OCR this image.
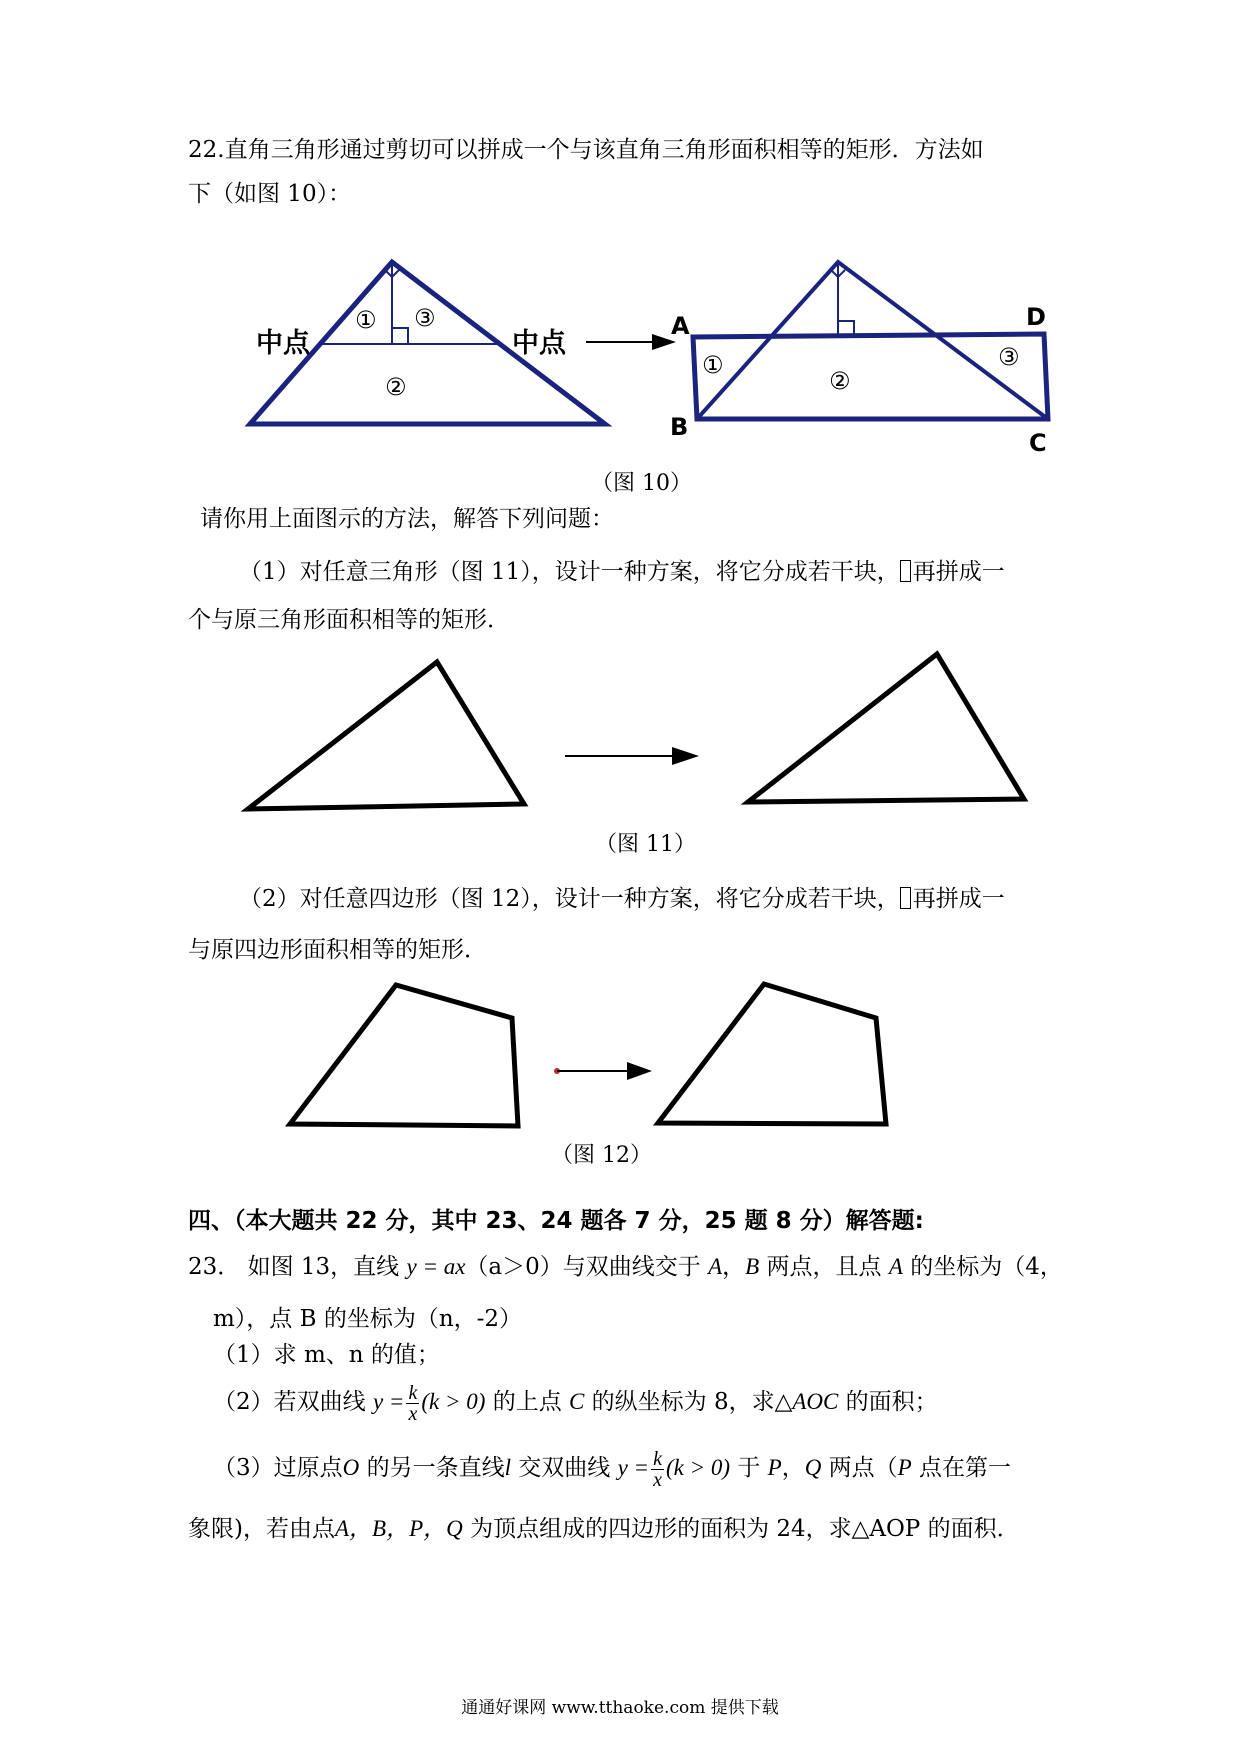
22.直角三角形通过剪切可以拼成一个与该直角三角形面积相等的矩形．方法如
下（如图 10）：
中点	中点
① ③
②
A
B
C
D
①
②
③
（图 10）
请你用上面图示的方法，解答下列问题：
（1）对任意三角形（图 11），设计一种方案，将它分成若干块， 再拼成一
个与原三角形面积相等的矩形．
（图 11）
（2）对任意四边形（图 12），设计一种方案，将它分成若干块， 再拼成一
与原四边形面积相等的矩形．
（图 12）
四、（本大题共 22 分，其中 23、24 题各 7 分，25 题 8 分）解答题:
23． 如图 13，直线 y = ax（a＞0）与双曲线交于 A，B 两点，且点 A 的坐标为（4，
m），点 B 的坐标为（n，-2）
（1）求 m、n 的值；
（2）若双曲线 $y = \frac{k}{x} (k > 0)$ 的上点 C 的纵坐标为 8，求△AOC 的面积；
（3）过原点O 的另一条直线l 交双曲线 $y = \frac{k}{x} (k > 0)$ 于 P，Q 两点（P 点在第一
象限)，若由点A，B，P，Q 为顶点组成的四边形的面积为 24，求△AOP 的面积．
通通好课网 www.tthaoke.com 提供下载
